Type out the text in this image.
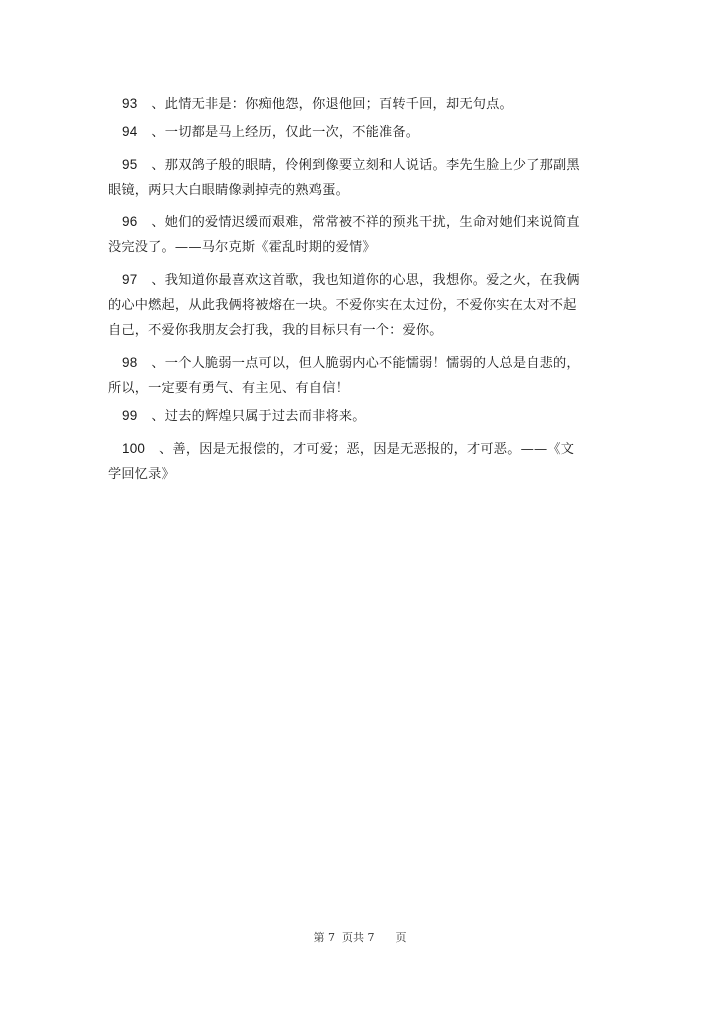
93 、此情无非是：你痴他怨，你退他回；百转千回，却无句点。
94 、一切都是马上经历，仅此一次，不能准备。
95 、那双鸽子般的眼睛，伶俐到像要立刻和人说话。李先生脸上少了那副黑眼镜，两只大白眼睛像剥掉壳的熟鸡蛋。
96 、她们的爱情迟缓而艰难，常常被不祥的预兆干扰，生命对她们来说简直没完没了。——马尔克斯《霍乱时期的爱情》
97 、我知道你最喜欢这首歌，我也知道你的心思，我想你。爱之火，在我俩的心中燃起，从此我俩将被熔在一块。不爱你实在太过份，不爱你实在太对不起自己，不爱你我朋友会打我，我的目标只有一个：爱你。
98 、一个人脆弱一点可以，但人脆弱内心不能懦弱！懦弱的人总是自悲的，所以，一定要有勇气、有主见、有自信！
99 、过去的辉煌只属于过去而非将来。
100 、善，因是无报偿的，才可爱；恶，因是无恶报的，才可恶。——《文学回忆录》
第 7  页共 7      页
